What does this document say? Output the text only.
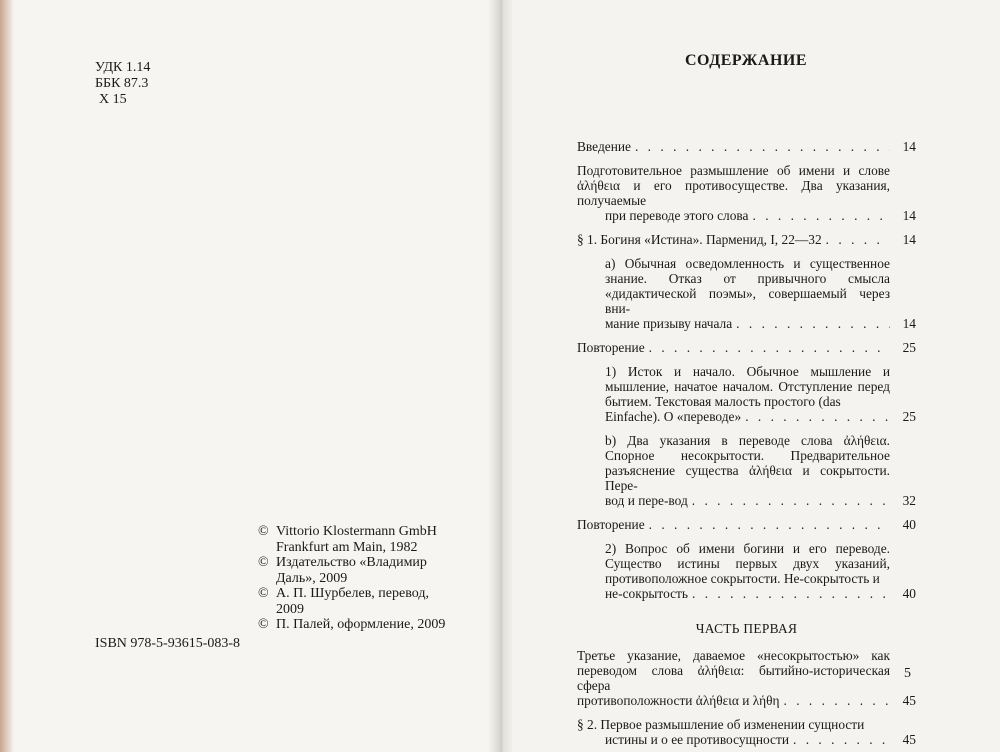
УДК 1.14
ББК 87.3
Х 15
© Vittorio Klostermann GmbH Frankfurt am Main, 1982
© Издательство «Владимир Даль», 2009
© А. П. Шурбелев, перевод, 2009
© П. Палей, оформление, 2009
ISBN 978-5-93615-083-8
СОДЕРЖАНИЕ
Введение . . .	14
Подготовительное размышление об имени и слове ἀλήθεια и его противосуществе. Два указания, получаемые
при переводе этого слова . . .	14
§ 1. Богиня «Истина». Парменид, I, 22—32 . . .	14
а) Обычная осведомленность и существенное знание. Отказ от привычного смысла «дидактической поэмы», совершаемый через вни-
мание призыву начала . . .	14
Повторение . . .	25
1) Исток и начало. Обычное мышление и мышление, начатое началом. Отступление перед бытием. Текстовая малость простого (das
Einfache). О «переводе» . . .	25
b) Два указания в переводе слова ἀλήθεια. Спорное несокрытости. Предварительное разъяснение существа ἀλήθεια и сокрытости. Пере-
вод и пере-вод . . .	32
Повторение . . .	40
2) Вопрос об имени богини и его переводе. Существо истины первых двух указаний, противоположное сокрытости. Не-сокрытость и
не-сокрытость . . .	40
ЧАСТЬ ПЕРВАЯ
Третье указание, даваемое «несокрытостью» как переводом слова ἀλήθεια: бытийно-историческая сфера
противоположности ἀλήθεια и λήθη . . .	45
§ 2. Первое размышление об изменении сущности
истины и о ее противосущности . . .	45
5
